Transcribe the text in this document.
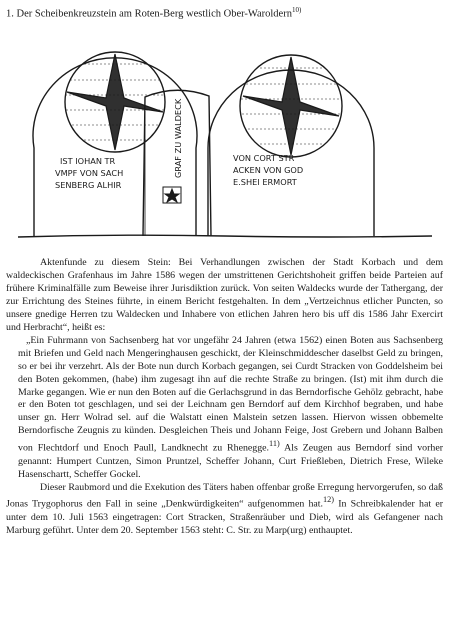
1. Der Scheibenkreuzstein am Roten-Berg westlich Ober-Waroldern$^{10)}$
IST IOHAN TR
VMPF VON SACH
SENBERG ALHIR
GRAF ZU WALDECK	VON CORT STR
ACKEN VON GOD
E.SHEI ERMORT

Aktenfunde zu diesem Stein: Bei Verhandlungen zwischen der Stadt Korbach und dem waldeckischen Grafenhaus im Jahre 1586 wegen der umstrittenen Gerichtshoheit griffen beide Parteien auf frühere Kriminalfälle zum Beweise ihrer Jurisdiktion zurück. Von seiten Waldecks wurde der Tathergang, der zur Errichtung des Steines führte, in einem Bericht festgehalten. In dem „Vertzeichnus etlicher Puncten, so unsere gnedige Herren tzu Waldecken und Inhabere von etlichen Jahren hero bis uff dis 1586 Jahr Exercirt und Herbracht“, heißt es:

„Ein Fuhrmann von Sachsenberg hat vor ungefähr 24 Jahren (etwa 1562) einen Boten aus Sachsenberg mit Briefen und Geld nach Mengeringhausen geschickt, der Kleinschmiddescher daselbst Geld zu bringen, so er bei ihr verzehrt. Als der Bote nun durch Korbach gegangen, sei Curdt Stracken von Goddelsheim bei den Boten gekommen, (habe) ihm zugesagt ihn auf die rechte Straße zu bringen. (Ist) mit ihm durch die Marke gegangen. Wie er nun den Boten auf die Gerlachsgrund in das Berndorfische Gehölz gebracht, habe er den Boten tot geschlagen, und sei der Leichnam gen Berndorf auf dem Kirchhof begraben, und habe unser gn. Herr Wolrad sel. auf die Walstatt einen Malstein setzen lassen. Hiervon wissen obbemelte Berndorfische Zeugnis zu künden. Desgleichen Theis und Johann Feige, Jost Grebern und Johann Balben von Flechtdorf und Enoch Paull, Landknecht zu Rhenegge.$^{11)}$ Als Zeugen aus Berndorf sind vorher genannt: Humpert Cuntzen, Simon Pruntzel, Scheffer Johann, Curt Frießleben, Dietrich Frese, Wileke Hasenschartt, Scheffer Gockel.

Dieser Raubmord und die Exekution des Täters haben offenbar große Erregung hervorgerufen, so daß Jonas Trygophorus den Fall in seine „Denkwürdigkeiten“ aufgenommen hat.$^{12)}$ In Schreibkalender hat er unter dem 10. Juli 1563 eingetragen: Cort Stracken, Straßenräuber und Dieb, wird als Gefangener nach Marburg geführt. Unter dem 20. September 1563 steht: C. Str. zu Marp(urg) enthauptet.
